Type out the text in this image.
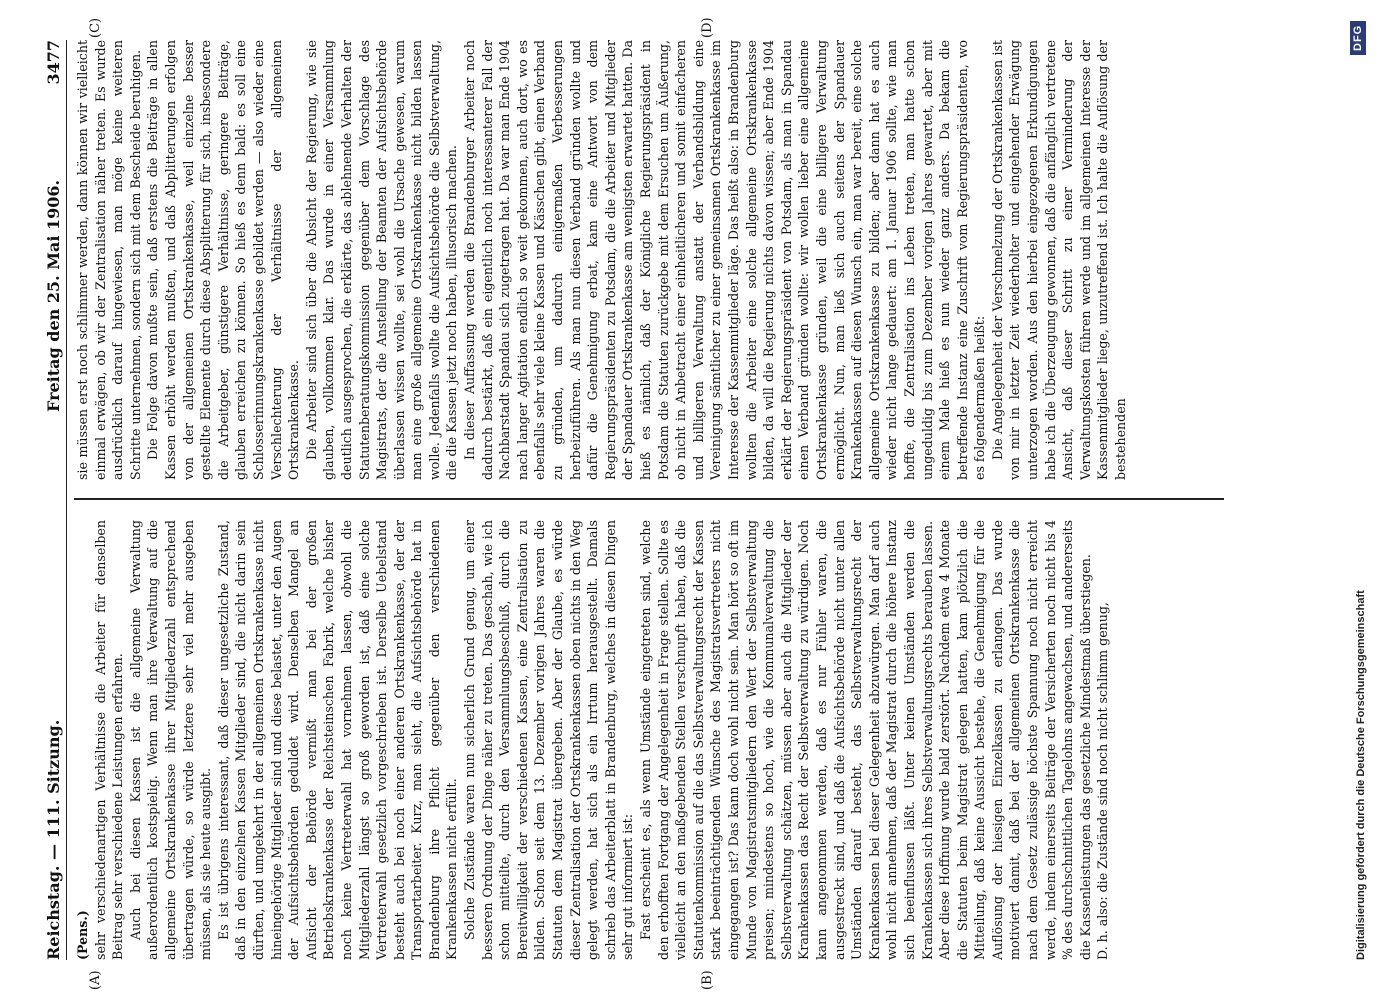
Reichstag. — 111. Sitzung.
Freitag den 25. Mai 1906.
3477

(Pens.) sehr verschiedenartigen Verhältnisse die Arbeiter für denselben Beitrag sehr verschiedene Leistungen erfahren. Auch bei diesen Kassen ist die allgemeine Verwaltung außerordentlich kostspielig. Wenn man ihre Verwaltung auf die allgemeine Ortskrankenkasse ihrer Mitgliederzahl entsprechend übertragen würde, so würde letztere sehr viel mehr ausgeben müssen, als sie heute ausgibt. Es ist übrigens interessant, daß dieser ungesetzliche Zustand, daß in den einzelnen Kassen Mitglieder sind, die nicht darin sein dürften, und umgekehrt in der allgemeinen Ortskrankenkasse nicht hineingehörige Mitglieder sind und diese belastet, unter den Augen der Aufsichtsbehörden geduldet wird. Denselben Mangel an Aufsicht der Behörde vermißt man bei der großen Betriebskrankenkasse der Reichsteinschen Fabrik, welche bisher noch keine Vertreterwahl hat vornehmen lassen, obwohl die Mitgliederzahl längst so groß geworden ist, daß eine solche Vertreterwahl gesetzlich vorgeschrieben ist. Derselbe Uebelstand besteht auch bei noch einer anderen Ortskrankenkasse, der der Transportarbeiter. Kurz, man sieht, die Aufsichtsbehörde hat in Brandenburg ihre Pflicht gegenüber den verschiedenen Krankenkassen nicht erfüllt. Solche Zustände waren nun sicherlich Grund genug, um einer besseren Ordnung der Dinge näher zu treten. Das geschah, wie ich schon mitteilte, durch den Versammlungsbeschluß, durch die Bereitwilligkeit der verschiedenen Kassen, eine Zentralisation zu bilden. Schon seit dem 13. Dezember vorigen Jahres waren die Statuten dem Magistrat übergeben. Aber der Glaube, es würde dieser Zentralisation der Ortskrankenkassen oben nichts in den Weg gelegt werden, hat sich als ein Irrtum herausgestellt. Damals schrieb das Arbeiterblatt in Brandenburg, welches in diesen Dingen sehr gut informiert ist: Fast erscheint es, als wenn Umstände eingetreten sind, welche den erhofften Fortgang der Angelegenheit in Frage stellen. Sollte es vielleicht an den maßgebenden Stellen verschnupft haben, daß die Statutenkommission auf die das Selbstverwaltungsrecht der Kassen stark beeinträchtigenden Wünsche des Magistratsvertreters nicht eingegangen ist? Das kann doch wohl nicht sein. Man hört so oft im Munde von Magistratsmitgliedern den Wert der Selbstverwaltung preisen; mindestens so hoch, wie die Kommunalverwaltung die Selbstverwaltung schätzen, müssen aber auch die Mitglieder der Krankenkassen das Recht der Selbstverwaltung zu würdigen. Noch kann angenommen werden, daß es nur Fühler waren, die ausgestreckt sind, und daß die Aufsichtsbehörde nicht unter allen Umständen darauf besteht, das Selbstverwaltungsrecht der Krankenkassen bei dieser Gelegenheit abzuwürgen. Man darf auch wohl nicht annehmen, daß der Magistrat durch die höhere Instanz sich beeinflussen läßt. Unter keinen Umständen werden die Krankenkassen sich ihres Selbstverwaltungsrechts berauben lassen. Aber diese Hoffnung wurde bald zerstört. Nachdem etwa 4 Monate die Statuten beim Magistrat gelegen hatten, kam plötzlich die Mitteilung, daß keine Aussicht bestehe, die Genehmigung für die Auflösung der hiesigen Einzelkassen zu erlangen. Das wurde motiviert damit, daß bei der allgemeinen Ortskrankenkasse die nach dem Gesetz zulässige höchste Spannung noch nicht erreicht werde, indem einerseits Beiträge der Versicherten noch nicht bis 4 % des durchschnittlichen Tagelohns angewachsen, und andererseits die Kassenleistungen das gesetzliche Mindestmaß überstiegen. D. h. also: die Zustände sind noch nicht schlimm genug,

sie müssen erst noch schlimmer werden, dann können wir vielleicht einmal erwägen, ob wir der Zentralisation näher treten. Es wurde ausdrücklich darauf hingewiesen, man möge keine weiteren Schritte unternehmen, sondern sich mit dem Bescheide beruhigen. Die Folge davon mußte sein, daß erstens die Beiträge in allen Kassen erhöht werden mußten, und daß Abplitterungen erfolgen von der allgemeinen Ortskrankenkasse, weil einzelne besser gestellte Elemente durch diese Absplitterung für sich, insbesondere die Arbeitgeber, günstigere Verhältnisse, geringere Beiträge, glauben erreichen zu können. So hieß es denn bald: es soll eine Schlosserinnungskrankenkasse gebildet werden — also wieder eine Verschlechterung der Verhältnisse der allgemeinen Ortskrankenkasse. Die Arbeiter sind sich über die Absicht der Regierung, wie sie glauben, vollkommen klar. Das wurde in einer Versammlung deutlich ausgesprochen, die erklärte, das ablehnende Verhalten der Statutenberatungskommission gegenüber dem Vorschlage des Magistrats, der die Anstellung der Beamten der Aufsichtsbehörde überlassen wissen wollte, sei wohl die Ursache gewesen, warum man eine große allgemeine Ortskrankenkasse nicht bilden lassen wolle. Jedenfalls wollte die Aufsichtsbehörde die Selbstverwaltung, die die Kassen jetzt noch haben, illusorisch machen. In dieser Auffassung werden die Brandenburger Arbeiter noch dadurch bestärkt, daß ein eigentlich noch interessanterer Fall der Nachbarstadt Spandau sich zugetragen hat. Da war man Ende 1904 nach langer Agitation endlich so weit gekommen, auch dort, wo es ebenfalls sehr viele kleine Kassen und Kässchen gibt, einen Verband zu gründen, um dadurch einigermaßen Verbesserungen herbeizuführen. Als man nun diesen Verband gründen wollte und dafür die Genehmigung erbat, kam eine Antwort von dem Regierungspräsidenten zu Potsdam, die die Arbeiter und Mitglieder der Spandauer Ortskrankenkasse am wenigsten erwartet hatten. Da hieß es nämlich, daß der Königliche Regierungspräsident in Potsdam die Statuten zurückgebe mit dem Ersuchen um Äußerung, ob nicht in Anbetracht einer einheitlicheren und somit einfacheren und billigeren Verwaltung anstatt der Verbandsbildung eine Vereinigung sämtlicher zu einer gemeinsamen Ortskrankenkasse im Interesse der Kassenmitglieder läge. Das heißt also: in Brandenburg wollten die Arbeiter eine solche allgemeine Ortskrankenkasse bilden, da will die Regierung nichts davon wissen; aber Ende 1904 erklärt der Regierungspräsident von Potsdam, als man in Spandau einen Verband gründen wollte: wir wollen lieber eine allgemeine Ortskrankenkasse gründen, weil die eine billigere Verwaltung ermöglicht. Nun, man ließ sich auch seitens der Spandauer Krankenkassen auf diesen Wunsch ein, man war bereit, eine solche allgemeine Ortskrankenkasse zu bilden; aber dann hat es auch wieder nicht lange gedauert: am 1. Januar 1906 sollte, wie man hoffte, die Zentralisation ins Leben treten, man hatte schon ungeduldig bis zum Dezember vorigen Jahres gewartet, aber mit einem Male hieß es nun wieder ganz anders. Da bekam die betreffende Instanz eine Zuschrift vom Regierungspräsidenten, wo es folgendermaßen heißt: Die Angelegenheit der Verschmelzung der Ortskrankenkassen ist von mir in letzter Zeit wiederholter und eingehender Erwägung unterzogen worden. Aus den hierbei eingezogenen Erkundigungen habe ich die Überzeugung gewonnen, daß die anfänglich vertretene Ansicht, daß dieser Schritt zu einer Verminderung der Verwaltungskosten führen werde und im allgemeinen Interesse der Kassenmitglieder liege, unzutreffend ist. Ich halte die Auflösung der bestehenden

(A)	(B)
(C)	(D)
Digitalisierung gefördert durch die Deutsche Forschungsgemeinschaft
DFG
